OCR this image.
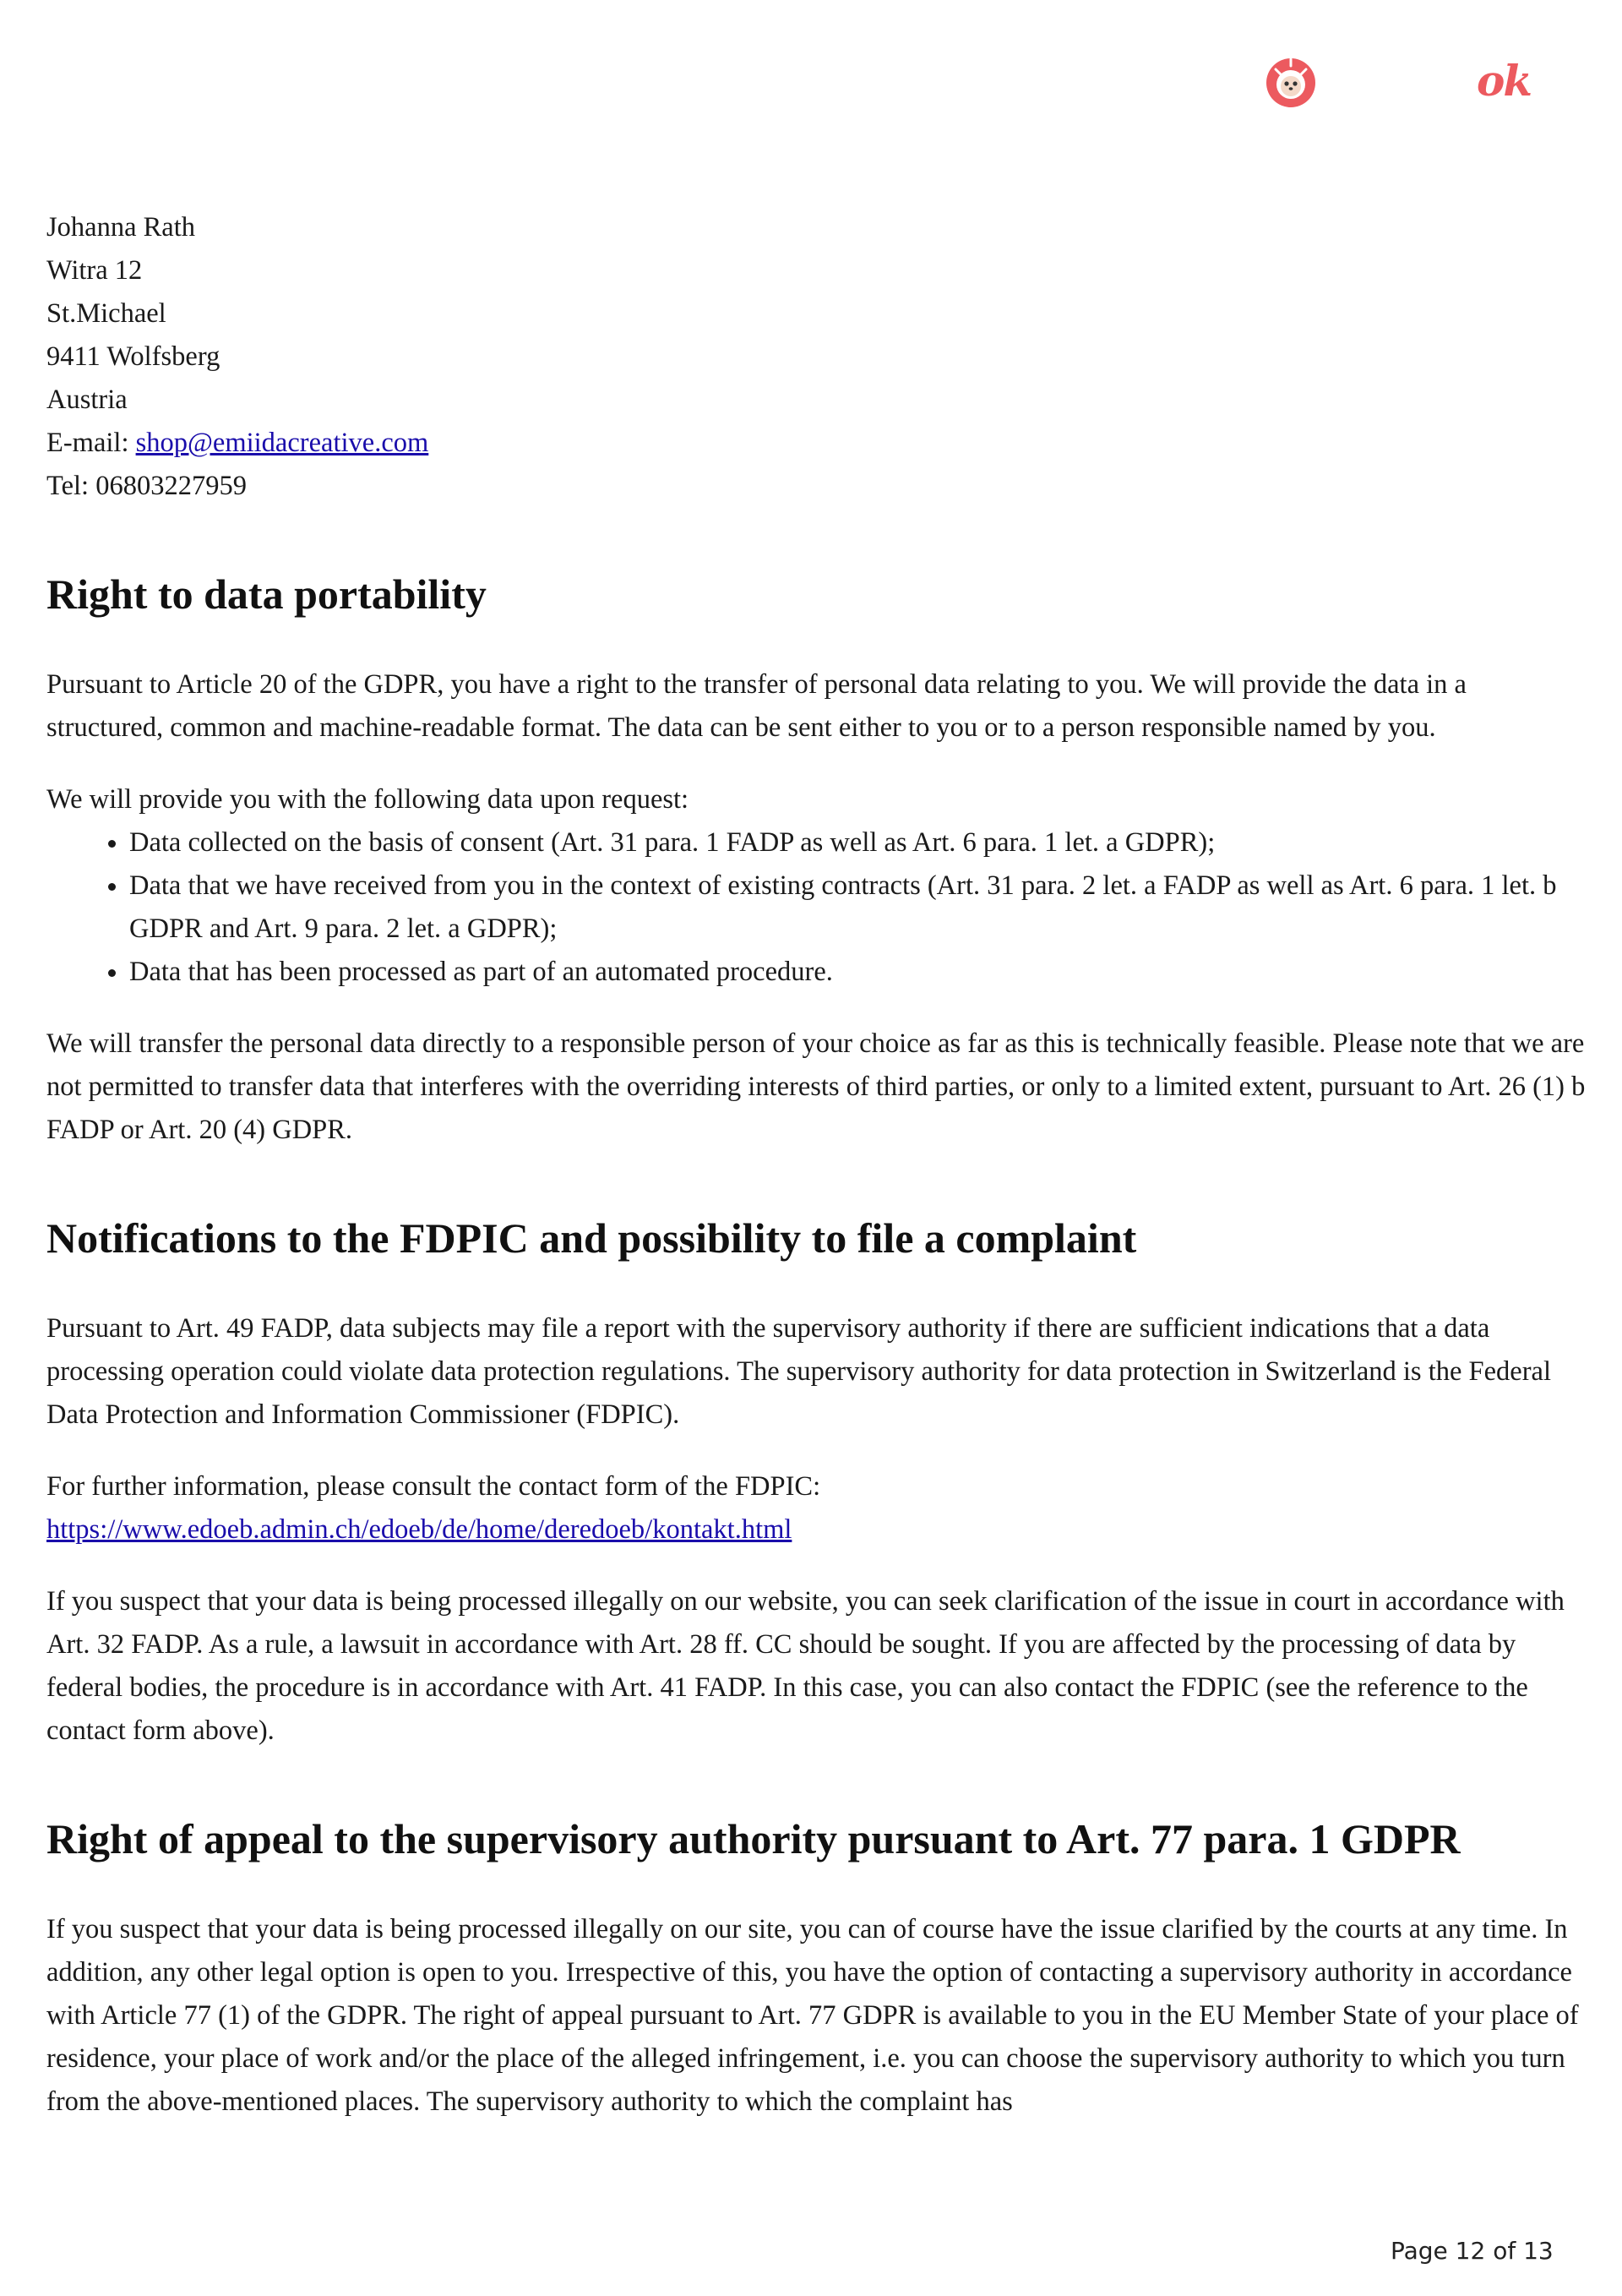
ok

Johanna Rath

Witra 12

St.Michael

9411 Wolfsberg

Austria

E-mail: shop@emiidacreative.com

Tel: 06803227959

Right to data portability

Pursuant to Article 20 of the GDPR, you have a right to the transfer of personal data relating to you. We will provide the data in a structured, common and machine-readable format. The data can be sent either to you or to a person responsible named by you.

We will provide you with the following data upon request:

• Data collected on the basis of consent (Art. 31 para. 1 FADP as well as Art. 6 para. 1 let. a GDPR);
• Data that we have received from you in the context of existing contracts (Art. 31 para. 2 let. a FADP as well as Art. 6 para. 1 let. b GDPR and Art. 9 para. 2 let. a GDPR);
• Data that has been processed as part of an automated procedure.

We will transfer the personal data directly to a responsible person of your choice as far as this is technically feasible. Please note that we are not permitted to transfer data that interferes with the overriding interests of third parties, or only to a limited extent, pursuant to Art. 26 (1) b FADP or Art. 20 (4) GDPR.

Notifications to the FDPIC and possibility to file a complaint

Pursuant to Art. 49 FADP, data subjects may file a report with the supervisory authority if there are sufficient indications that a data processing operation could violate data protection regulations. The supervisory authority for data protection in Switzerland is the Federal Data Protection and Information Commissioner (FDPIC).

For further information, please consult the contact form of the FDPIC:
https://www.edoeb.admin.ch/edoeb/de/home/deredoeb/kontakt.html

If you suspect that your data is being processed illegally on our website, you can seek clarification of the issue in court in accordance with Art. 32 FADP. As a rule, a lawsuit in accordance with Art. 28 ff. CC should be sought. If you are affected by the processing of data by federal bodies, the procedure is in accordance with Art. 41 FADP. In this case, you can also contact the FDPIC (see the reference to the contact form above).

Right of appeal to the supervisory authority pursuant to Art. 77 para. 1 GDPR

If you suspect that your data is being processed illegally on our site, you can of course have the issue clarified by the courts at any time. In addition, any other legal option is open to you. Irrespective of this, you have the option of contacting a supervisory authority in accordance with Article 77 (1) of the GDPR. The right of appeal pursuant to Art. 77 GDPR is available to you in the EU Member State of your place of residence, your place of work and/or the place of the alleged infringement, i.e. you can choose the supervisory authority to which you turn from the above-mentioned places. The supervisory authority to which the complaint has

Page 12 of 13
